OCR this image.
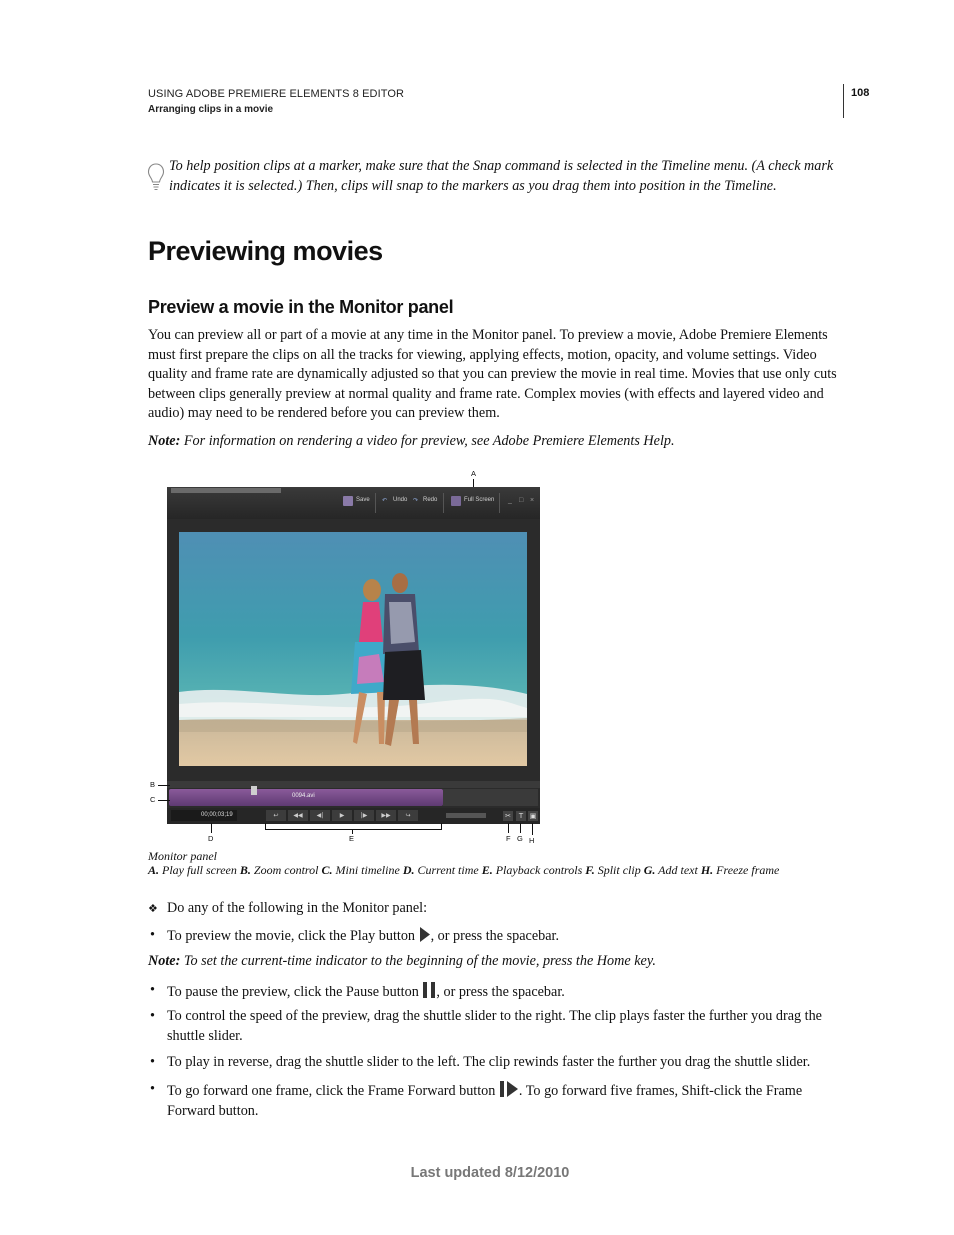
USING ADOBE PREMIERE ELEMENTS 8 EDITOR
Arranging clips in a movie
108
To help position clips at a marker, make sure that the Snap command is selected in the Timeline menu. (A check mark indicates it is selected.) Then, clips will snap to the markers as you drag them into position in the Timeline.
Previewing movies
Preview a movie in the Monitor panel
You can preview all or part of a movie at any time in the Monitor panel. To preview a movie, Adobe Premiere Elements must first prepare the clips on all the tracks for viewing, applying effects, motion, opacity, and volume settings. Video quality and frame rate are dynamically adjusted so that you can preview the movie in real time. Movies that use only cuts between clips generally preview at normal quality and frame rate. Complex movies (with effects and layered video and audio) may need to be rendered before you can preview them.
Note: For information on rendering a video for preview, see Adobe Premiere Elements Help.
A
Save ↶ Undo ↷ Redo	Full Screen _ □ ×
0094.avi
00;00;03;19	↩	◀◀	◀|	▶	|▶	▶▶	↪	✂	T ▣
B
C
D	E	F G H
Monitor panel
A. Play full screen B. Zoom control C. Mini timeline D. Current time E. Playback controls F. Split clip G. Add text H. Freeze frame
❖ Do any of the following in the Monitor panel:
• To preview the movie, click the Play button , or press the spacebar.
Note: To set the current-time indicator to the beginning of the movie, press the Home key.
• To pause the preview, click the Pause button , or press the spacebar.
• To control the speed of the preview, drag the shuttle slider to the right. The clip plays faster the further you drag the shuttle slider.
• To play in reverse, drag the shuttle slider to the left. The clip rewinds faster the further you drag the shuttle slider.
• To go forward one frame, click the Frame Forward button . To go forward five frames, Shift-click the Frame Forward button.
Last updated 8/12/2010
